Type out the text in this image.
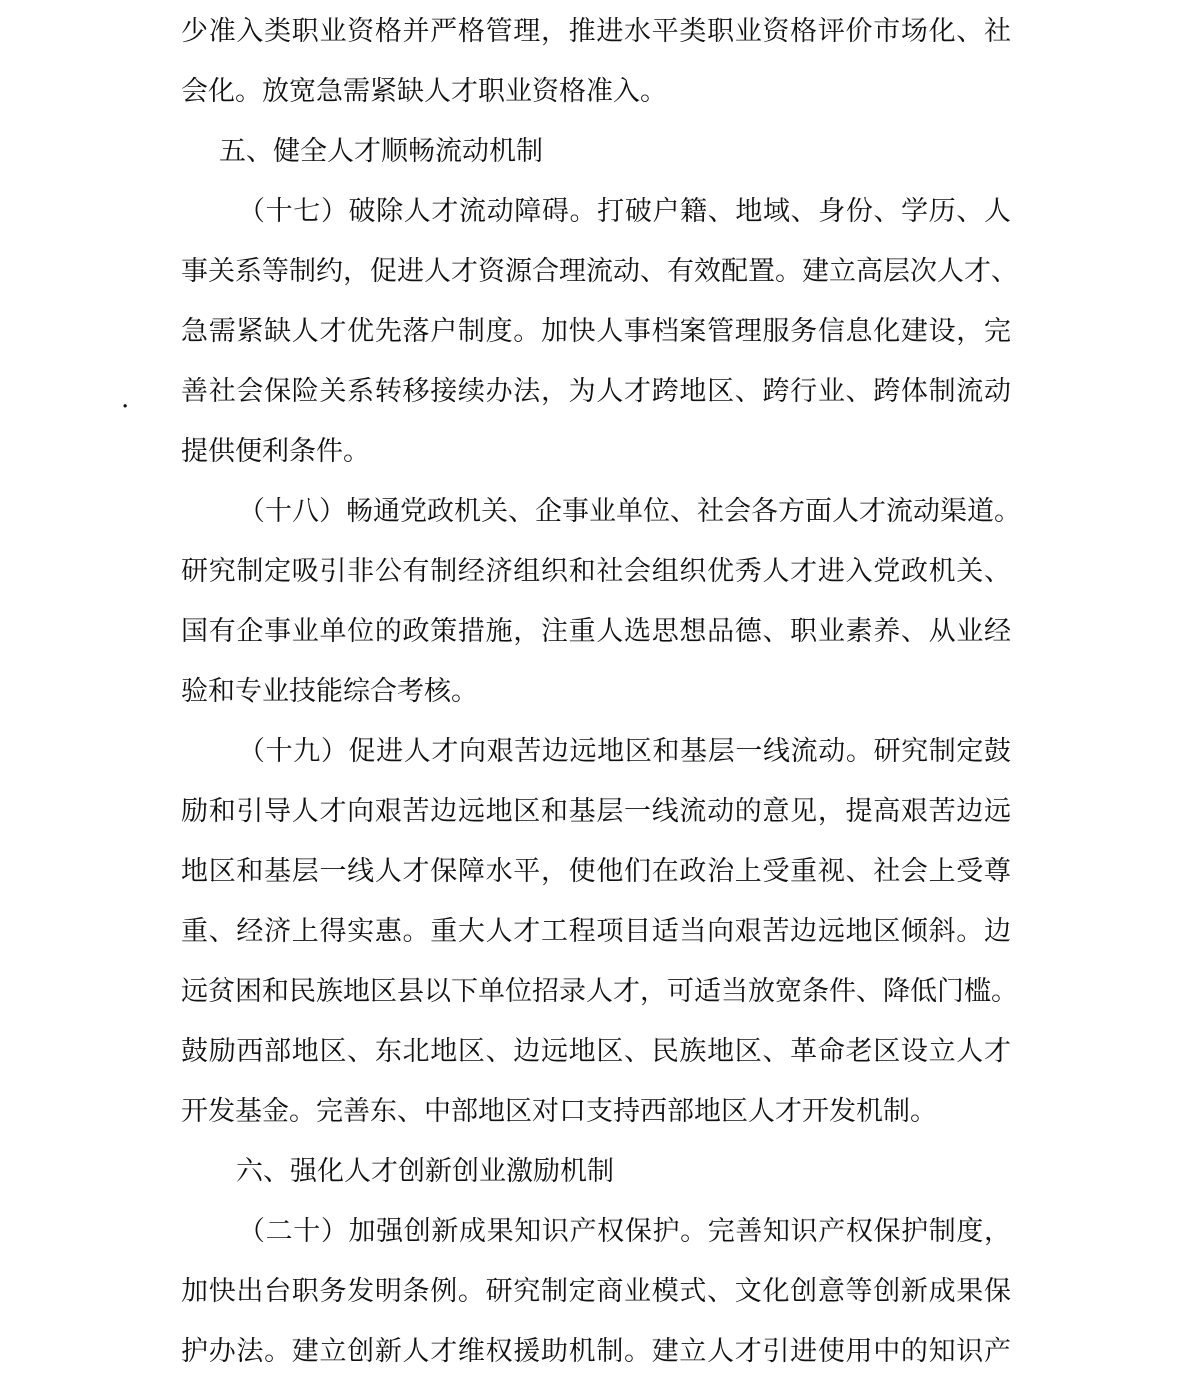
.
少准入类职业资格并严格管理，推进水平类职业资格评价市场化、社
会化。放宽急需紧缺人才职业资格准入。
五、健全人才顺畅流动机制
（十七）破除人才流动障碍。打破户籍、地域、身份、学历、人
事关系等制约，促进人才资源合理流动、有效配置。建立高层次人才、
急需紧缺人才优先落户制度。加快人事档案管理服务信息化建设，完
善社会保险关系转移接续办法，为人才跨地区、跨行业、跨体制流动
提供便利条件。
（十八）畅通党政机关、企事业单位、社会各方面人才流动渠道。
研究制定吸引非公有制经济组织和社会组织优秀人才进入党政机关、
国有企事业单位的政策措施，注重人选思想品德、职业素养、从业经
验和专业技能综合考核。
（十九）促进人才向艰苦边远地区和基层一线流动。研究制定鼓
励和引导人才向艰苦边远地区和基层一线流动的意见，提高艰苦边远
地区和基层一线人才保障水平，使他们在政治上受重视、社会上受尊
重、经济上得实惠。重大人才工程项目适当向艰苦边远地区倾斜。边
远贫困和民族地区县以下单位招录人才，可适当放宽条件、降低门槛。
鼓励西部地区、东北地区、边远地区、民族地区、革命老区设立人才
开发基金。完善东、中部地区对口支持西部地区人才开发机制。
六、强化人才创新创业激励机制
（二十）加强创新成果知识产权保护。完善知识产权保护制度，
加快出台职务发明条例。研究制定商业模式、文化创意等创新成果保
护办法。建立创新人才维权援助机制。建立人才引进使用中的知识产
